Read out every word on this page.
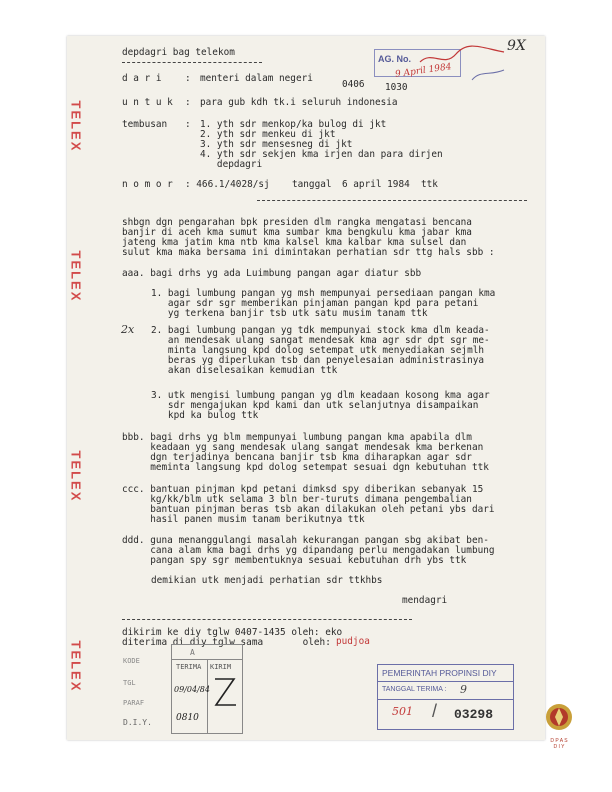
TELEX
TELEX
TELEX
TELEX
depdagri bag telekom
d a r i : menteri dalam negeri
0406 1030
u n t u k : para gub kdh tk.i seluruh indonesia
tembusan : 1. yth sdr menkop/ka bulog di jkt
2. yth sdr menkeu di jkt
3. yth sdr mensesneg di jkt
4. yth sdr sekjen kma irjen dan para dirjen
depdagri
n o m o r : 466.1/4028/sj tanggal 6 april 1984  ttk
shbgn dgn pengarahan bpk presiden dlm rangka mengatasi bencana
banjir di aceh kma sumut kma sumbar kma bengkulu kma jabar kma
jateng kma jatim kma ntb kma kalsel kma kalbar kma sulsel dan
sulut kma maka bersama ini dimintakan perhatian sdr ttg hals sbb :
aaa. bagi drhs yg ada Luimbung pangan agar diatur sbb
1. bagi lumbung pangan yg msh mempunyai persediaan pangan kma
agar sdr sgr memberikan pinjaman pangan kpd para petani
yg terkena banjir tsb utk satu musim tanam ttk
2x 2. bagi lumbung pangan yg tdk mempunyai stock kma dlm keada-
an mendesak ulang sangat mendesak kma agr sdr dpt sgr me-
minta langsung kpd dolog setempat utk menyediakan sejmlh
beras yg diperlukan tsb dan penyelesaian administrasinya
akan diselesaikan kemudian ttk
3. utk mengisi lumbung pangan yg dlm keadaan kosong kma agar
sdr mengajukan kpd kami dan utk selanjutnya disampaikan
kpd ka bulog ttk
bbb. bagi drhs yg blm mempunyai lumbung pangan kma apabila dlm
keadaan yg sang mendesak ulang sangat mendesak kma berkenan
dgn terjadinya bencana banjir tsb kma diharapkan agar sdr
meminta langsung kpd dolog setempat sesuai dgn kebutuhan ttk
ccc. bantuan pinjman kpd petani dimksd spy diberikan sebanyak 15
kg/kk/blm utk selama 3 bln ber-turuts dimana pengembalian
bantuan pinjman beras tsb akan dilakukan oleh petani ybs dari
hasil panen musim tanam berikutnya ttk
ddd. guna menanggulangi masalah kekurangan pangan sbg akibat ben-
cana alam kma bagi drhs yg dipandang perlu mengadakan lumbung
pangan spy sgr membentuknya sesuai kebutuhan drh ybs ttk
demikian utk menjadi perhatian sdr ttkhbs
mendagri
dikirim ke diy tglw 0407-1435 oleh: eko
diterima di diy tglw sama       oleh: pudjoa
AG. No.
9 April 1984
9X
KODE
TGL
PARAF
D.I.Y.
A
TERIMA KIRIM
09/04/84
0810
PEMERINTAH PROPINSI DIY
TANGGAL TERIMA : 9
501 / 03298
D P A S
D I Y
